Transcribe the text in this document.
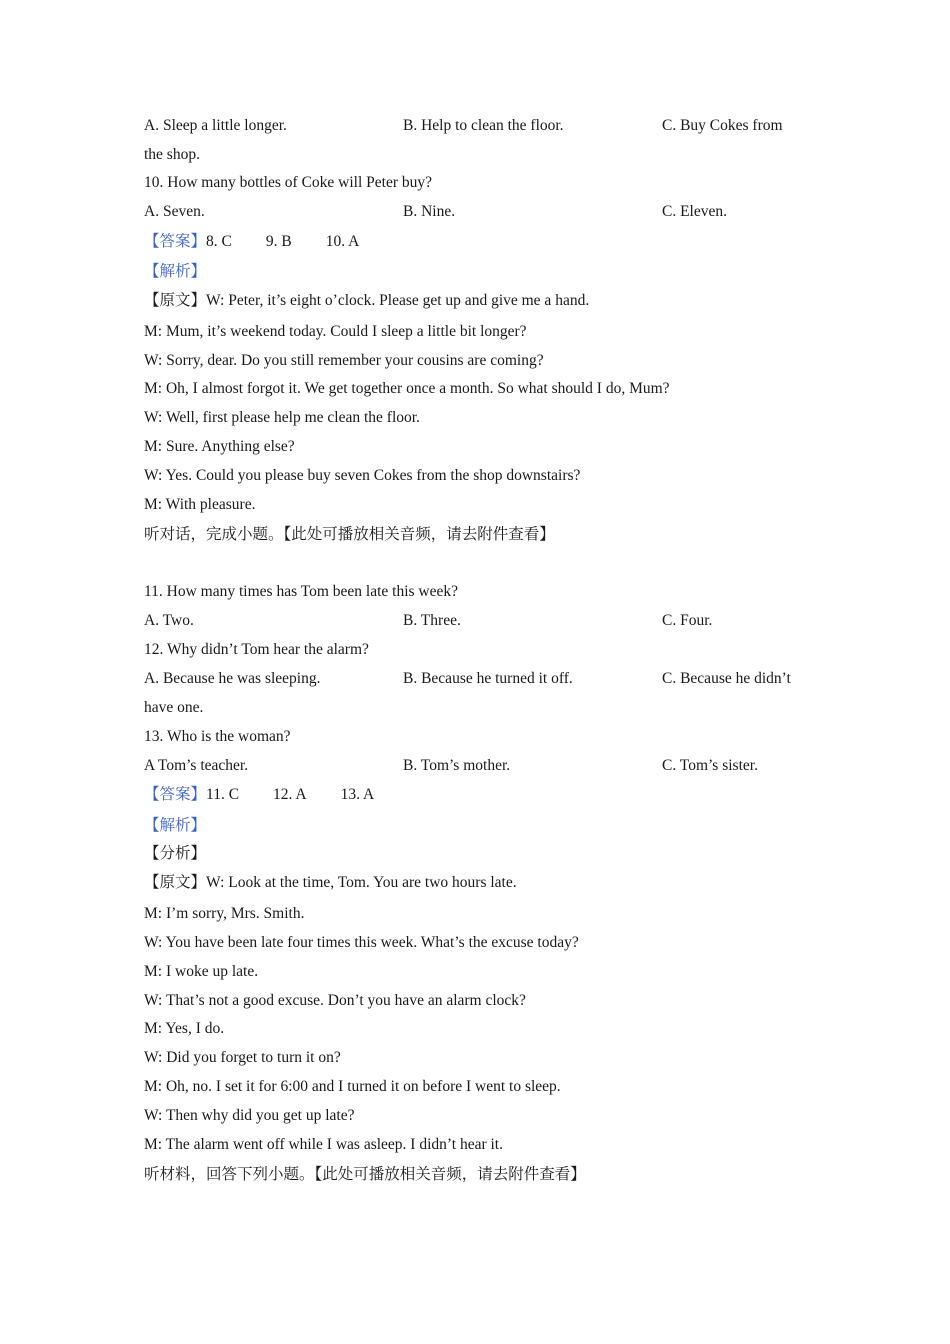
A. Sleep a little longer.	B. Help to clean the floor.	C. Buy Cokes from
the shop.
10. How many bottles of Coke will Peter buy?
A. Seven.	B. Nine.	C. Eleven.
【答案】8. C 9. B 10. A
【解析】
【原文】W: Peter, it’s eight o’clock. Please get up and give me a hand.
M: Mum, it’s weekend today. Could I sleep a little bit longer?
W: Sorry, dear. Do you still remember your cousins are coming?
M: Oh, I almost forgot it. We get together once a month. So what should I do, Mum?
W: Well, first please help me clean the floor.
M: Sure. Anything else?
W: Yes. Could you please buy seven Cokes from the shop downstairs?
M: With pleasure.
听对话，完成小题。【此处可播放相关音频，请去附件查看】
11. How many times has Tom been late this week?
A. Two.	B. Three.	C. Four.
12. Why didn’t Tom hear the alarm?
A. Because he was sleeping.	B. Because he turned it off.	C. Because he didn’t
have one.
13. Who is the woman?
A Tom’s teacher.	B. Tom’s mother.	C. Tom’s sister.
【答案】11. C 12. A 13. A
【解析】
【分析】
【原文】W: Look at the time, Tom. You are two hours late.
M: I’m sorry, Mrs. Smith.
W: You have been late four times this week. What’s the excuse today?
M: I woke up late.
W: That’s not a good excuse. Don’t you have an alarm clock?
M: Yes, I do.
W: Did you forget to turn it on?
M: Oh, no. I set it for 6:00 and I turned it on before I went to sleep.
W: Then why did you get up late?
M: The alarm went off while I was asleep. I didn’t hear it.
听材料，回答下列小题。【此处可播放相关音频，请去附件查看】
